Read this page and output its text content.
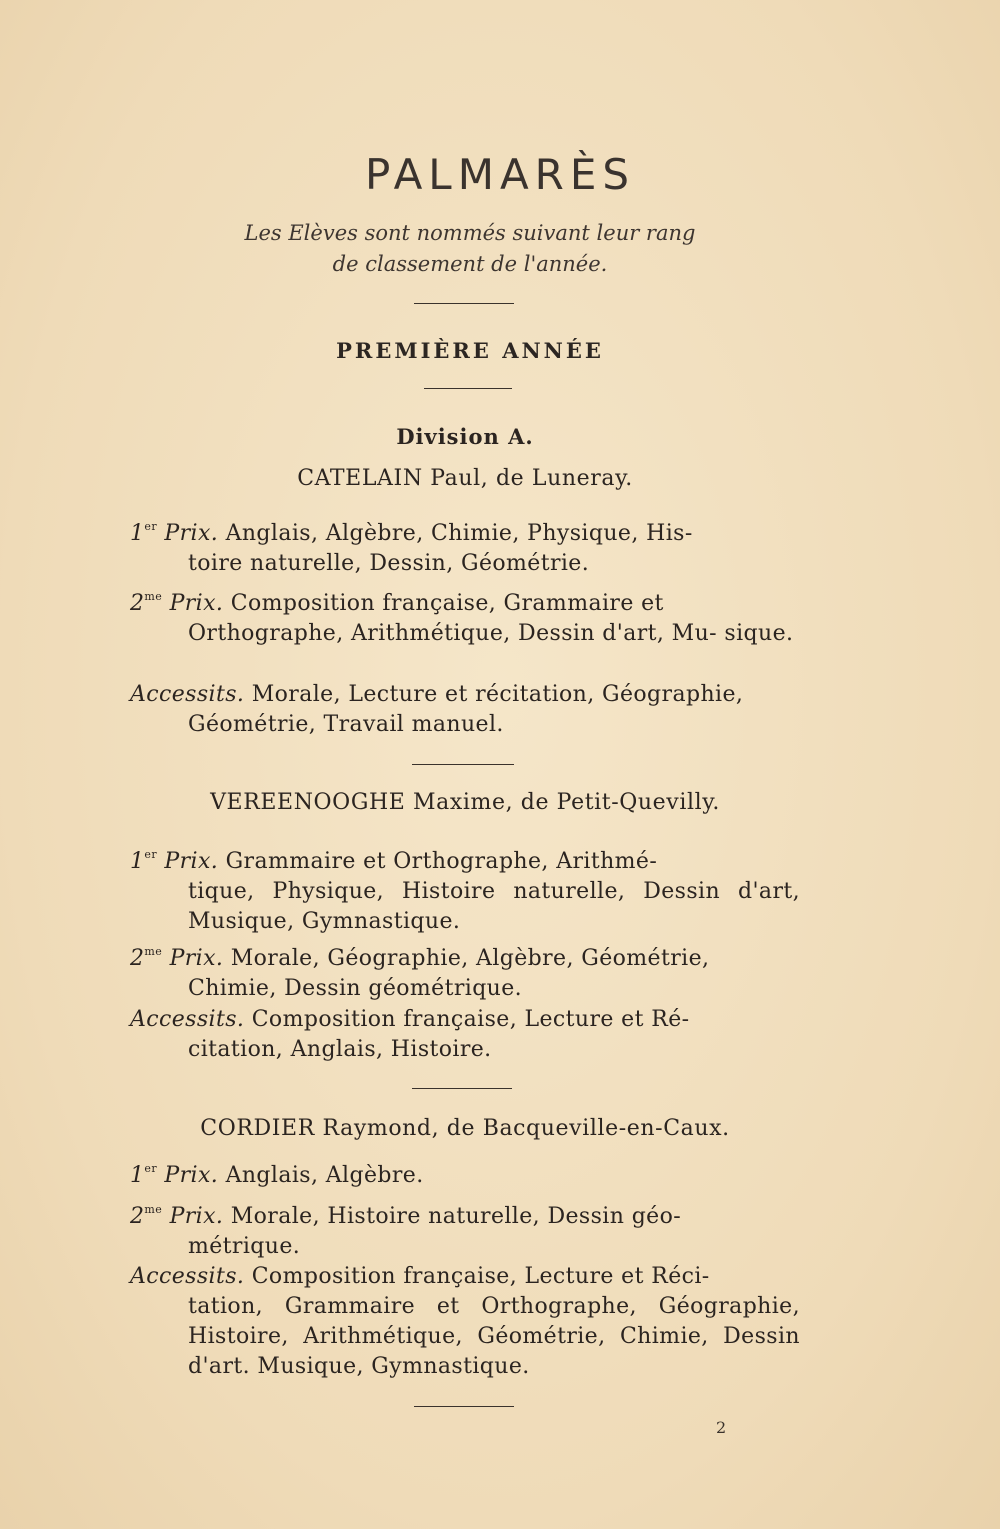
PALMARÈS
Les Elèves sont nommés suivant leur rang
de classement de l'année.
PREMIÈRE ANNÉE
Division A.
CATELAIN Paul, de Luneray.
1er Prix. Anglais, Algèbre, Chimie, Physique, His-
toire naturelle, Dessin, Géométrie.
$2^{me}$ Prix. Composition française, Grammaire et
Orthographe, Arithmétique, Dessin d'art, Mu- sique.
Accessits. Morale, Lecture et récitation, Géographie,
Géométrie, Travail manuel.
VEREENOOGHE Maxime, de Petit-Quevilly.
1er Prix. Grammaire et Orthographe, Arithmé-
tique, Physique, Histoire naturelle, Dessin d'art, Musique, Gymnastique.
$2^{me}$ Prix. Morale, Géographie, Algèbre, Géométrie,
Chimie, Dessin géométrique.
Accessits. Composition française, Lecture et Ré-
citation, Anglais, Histoire.
CORDIER Raymond, de Bacqueville-en-Caux.
1er Prix. Anglais, Algèbre.
$2^{me}$ Prix. Morale, Histoire naturelle, Dessin géo-
métrique.
Accessits. Composition française, Lecture et Réci-
tation, Grammaire et Orthographe, Géographie, Histoire, Arithmétique, Géométrie, Chimie, Dessin d'art. Musique, Gymnastique.
2
